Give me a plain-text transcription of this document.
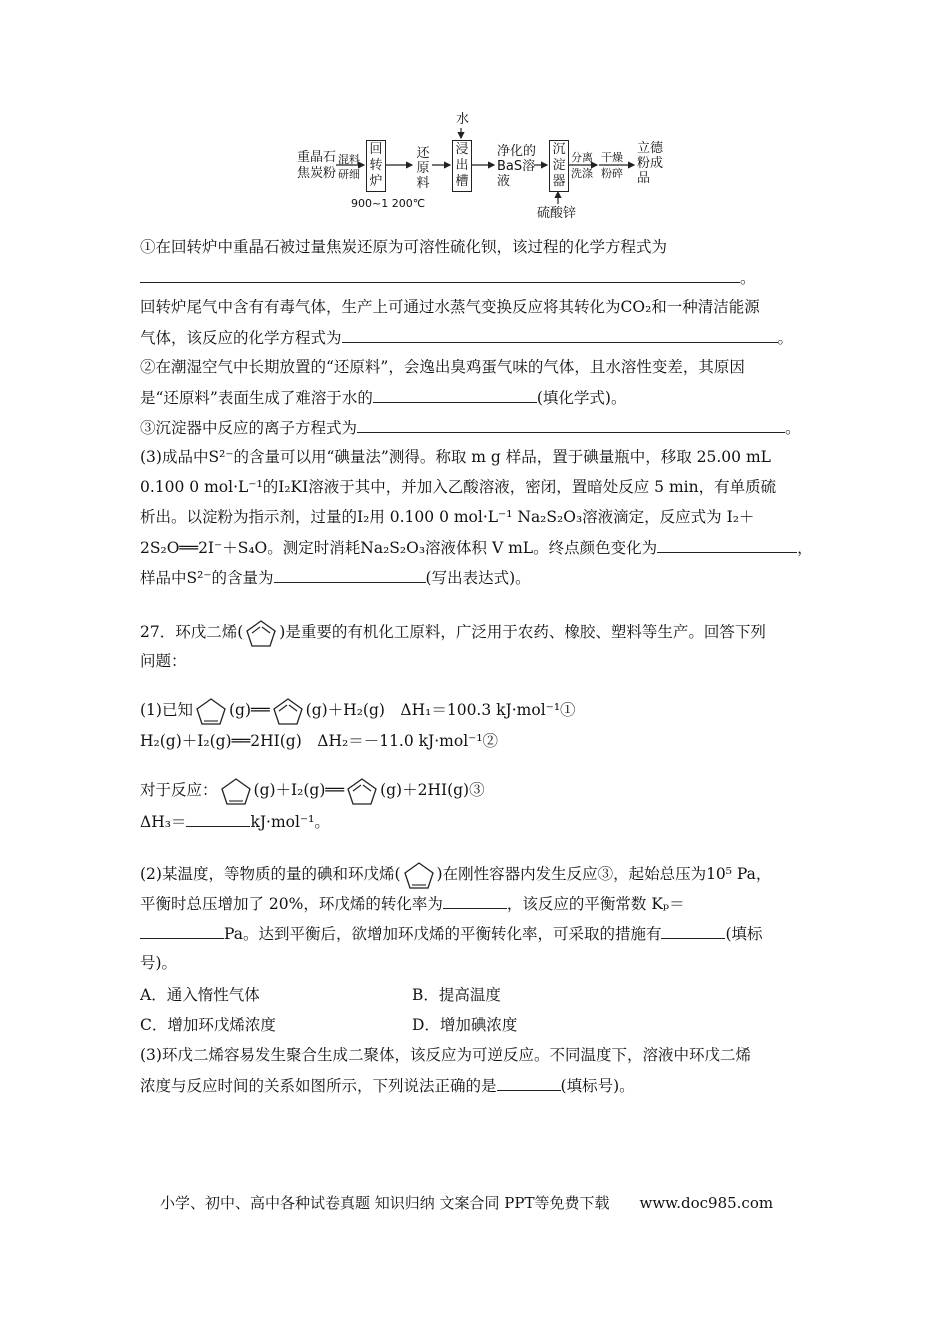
重晶石
焦炭粉
混料
研细
回
转
炉
900~1 200℃
还
原
料
水
浸
出
槽
净化的
BaS溶
液
沉
淀
器
硫酸锌
分离
洗涤
干燥
粉碎
立德
粉成
品
①在回转炉中重晶石被过量焦炭还原为可溶性硫化钡，该过程的化学方程式为
。
回转炉尾气中含有有毒气体，生产上可通过水蒸气变换反应将其转化为CO₂和一种清洁能源
气体，该反应的化学方程式为	。
②在潮湿空气中长期放置的“还原料”，会逸出臭鸡蛋气味的气体，且水溶性变差，其原因
是“还原料”表面生成了难溶于水的	(填化学式)。
③沉淀器中反应的离子方程式为	。
(3)成品中S²⁻的含量可以用“碘量法”测得。称取 m g 样品，置于碘量瓶中，移取 25.00 mL
0.100 0 mol·L⁻¹的I₂KI溶液于其中，并加入乙酸溶液，密闭，置暗处反应 5 min，有单质硫
析出。以淀粉为指示剂，过量的I₂用 0.100 0 mol·L⁻¹ Na₂S₂O₃溶液滴定，反应式为 I₂＋
2S₂O══2I⁻＋S₄O。测定时消耗Na₂S₂O₃溶液体积 V mL。终点颜色变化为	，
样品中S²⁻的含量为	(写出表达式)。
27．环戊二烯( )是重要的有机化工原料，广泛用于农药、橡胶、塑料等生产。回答下列
问题：
(1)已知 (g)══ (g)＋H₂(g)　ΔH₁＝100.3 kJ·mol⁻¹①
H₂(g)＋I₂(g)══2HI(g)　ΔH₂＝－11.0 kJ·mol⁻¹②
对于反应： (g)＋I₂(g)══ (g)＋2HI(g)③
ΔH₃＝	kJ·mol⁻¹。
(2)某温度，等物质的量的碘和环戊烯( )在刚性容器内发生反应③，起始总压为10⁵ Pa，
平衡时总压增加了 20%，环戊烯的转化率为	，该反应的平衡常数 Kₚ＝
Pa。达到平衡后，欲增加环戊烯的平衡转化率，可采取的措施有	(填标
号)。
A．通入惰性气体	B．提高温度
C．增加环戊烯浓度	D．增加碘浓度
(3)环戊二烯容易发生聚合生成二聚体，该反应为可逆反应。不同温度下，溶液中环戊二烯
浓度与反应时间的关系如图所示，下列说法正确的是	(填标号)。
小学、初中、高中各种试卷真题 知识归纳 文案合同 PPT等免费下载　　www.doc985.com
